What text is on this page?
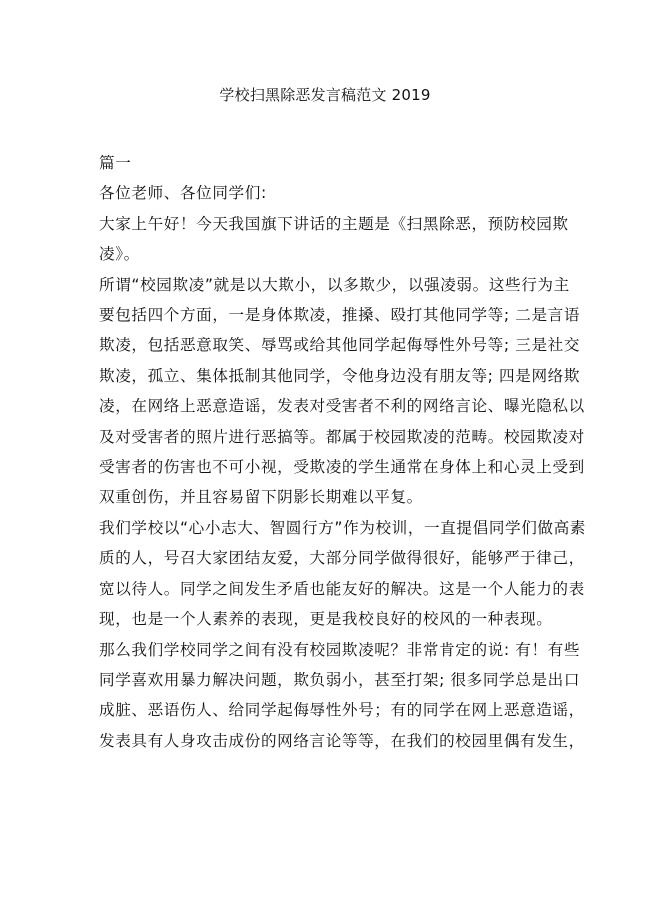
学校扫黑除恶发言稿范文 2019
篇一
各位老师、各位同学们:
大家上午好！今天我国旗下讲话的主题是《扫黑除恶，预防校园欺
凌》。
所谓“校园欺凌”就是以大欺小，以多欺少，以强凌弱。这些行为主
要包括四个方面，一是身体欺凌，推搡、殴打其他同学等; 二是言语
欺凌，包括恶意取笑、辱骂或给其他同学起侮辱性外号等; 三是社交
欺凌，孤立、集体抵制其他同学，令他身边没有朋友等; 四是网络欺
凌，在网络上恶意造谣，发表对受害者不利的网络言论、曝光隐私以
及对受害者的照片进行恶搞等。都属于校园欺凌的范畴。校园欺凌对
受害者的伤害也不可小视，受欺凌的学生通常在身体上和心灵上受到
双重创伤，并且容易留下阴影长期难以平复。
我们学校以“心小志大、智圆行方”作为校训，一直提倡同学们做高素
质的人，号召大家团结友爱，大部分同学做得很好，能够严于律己，
宽以待人。同学之间发生矛盾也能友好的解决。这是一个人能力的表
现，也是一个人素养的表现，更是我校良好的校风的一种表现。
那么我们学校同学之间有没有校园欺凌呢？非常肯定的说: 有！有些
同学喜欢用暴力解决问题，欺负弱小，甚至打架; 很多同学总是出口
成脏、恶语伤人、给同学起侮辱性外号；有的同学在网上恶意造谣，
发表具有人身攻击成份的网络言论等等，在我们的校园里偶有发生，
